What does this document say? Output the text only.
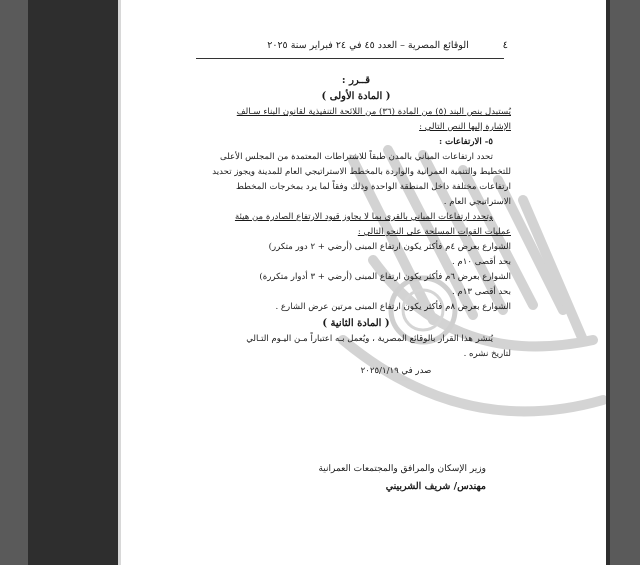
٤
الوقائع المصرية – العدد ٤٥ في ٢٤ فبراير سنة ٢٠٢٥
قــرر :
( المادة الأولى )
يُستبدل بنص البند (٥) من المادة (٣٦) من اللائحة التنفيذية لقانون البناء سـالف
الإشارة إليها النص التالي :
٥- الارتفاعات :
تحدد ارتفاعات المباني بالمدن طبقاً للاشتراطات المعتمدة من المجلس الأعلى
للتخطيط والتنمية العمرانية والواردة بالمخطط الاستراتيجي العام للمدينة ويجوز تحديد
ارتفاعات مختلفة داخل المنطقة الواحدة وذلك وفقاً لما يرد بمخرجات المخطط
الاستراتيجي العام .
وتحدد ارتفاعات المباني بالقرى بما لا يجاوز قيود الارتفاع الصادرة من هيئة
عمليات القوات المسلحة على النحو التالي :
الشوارع بعرض ٤م فأكثر يكون ارتفاع المبنى (أرضي + ٢ دور متكرر)
بحد أقصى ١٠م .
الشوارع بعرض ٦م فأكثر يكون ارتفاع المبنى (أرضي + ٣ أدوار متكررة)
بحد أقصى ١٣م .
الشوارع بعرض ٨م فأكثر يكون ارتفاع المبنى مرتين عرض الشارع .
( المادة الثانية )
يُنشر هذا القرار بالوقائع المصرية ، ويُعمل بـه اعتباراً مـن اليـوم التـالي
لتاريخ نشره .
صدر في ٢٠٢٥/١/١٩
وزير الإسكان والمرافق والمجتمعات العمرانية
مهندس/ شريف الشربيني
